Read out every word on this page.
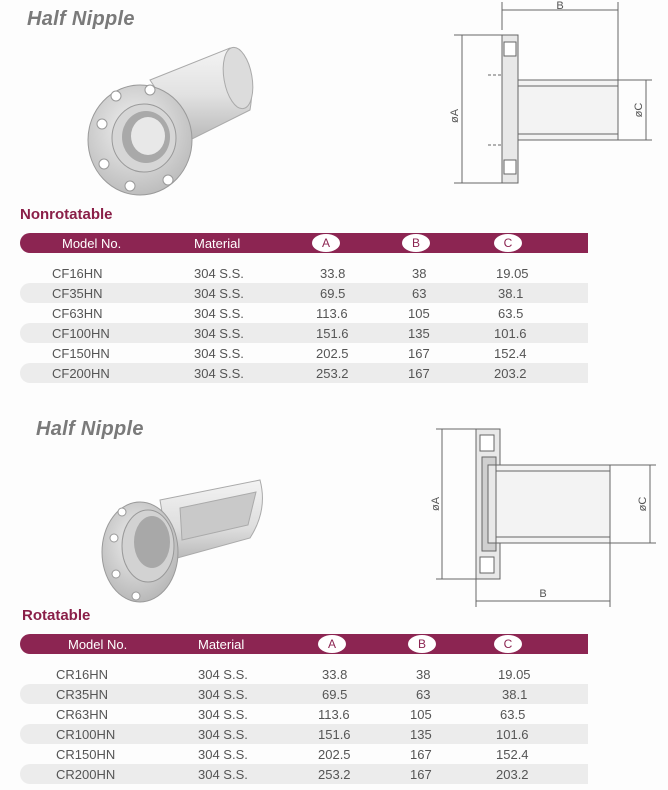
Half Nipple
B
øA	øC
Nonrotatable
Model No.	Material	A	B	C
CF16HN	304 S.S.	33.8	38	19.05
CF35HN	304 S.S.	69.5	63	38.1
CF63HN	304 S.S.	113.6	105	63.5
CF100HN	304 S.S.	151.6	135	101.6
CF150HN	304 S.S.	202.5	167	152.4
CF200HN	304 S.S.	253.2	167	203.2
Half Nipple
B
øA	øC
Rotatable
Model No.	Material	A	B	C
CR16HN	304 S.S.	33.8	38	19.05
CR35HN	304 S.S.	69.5	63	38.1
CR63HN	304 S.S.	113.6	105	63.5
CR100HN	304 S.S.	151.6	135	101.6
CR150HN	304 S.S.	202.5	167	152.4
CR200HN	304 S.S.	253.2	167	203.2
